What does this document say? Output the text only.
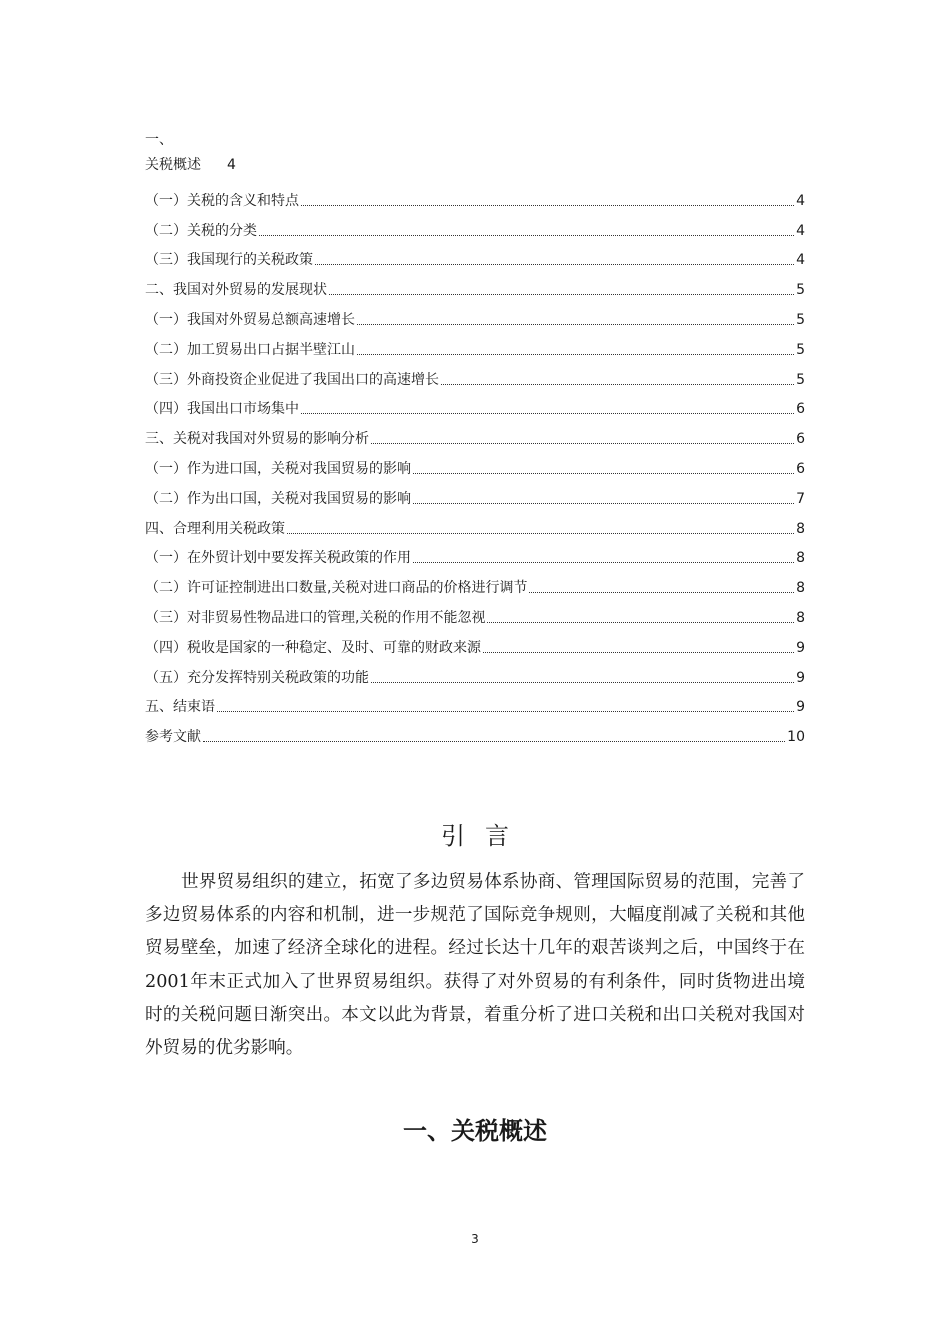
一、
关税概述 4
（一）关税的含义和特点	4
（二）关税的分类	4
（三）我国现行的关税政策	4
二、我国对外贸易的发展现状	5
（一）我国对外贸易总额高速增长	5
（二）加工贸易出口占据半壁江山	5
（三）外商投资企业促进了我国出口的高速增长	5
（四）我国出口市场集中	6
三、关税对我国对外贸易的影响分析	6
（一）作为进口国，关税对我国贸易的影响	6
（二）作为出口国，关税对我国贸易的影响	7
四、合理利用关税政策	8
（一）在外贸计划中要发挥关税政策的作用	8
（二）许可证控制进出口数量,关税对进口商品的价格进行调节	8
（三）对非贸易性物品进口的管理,关税的作用不能忽视	8
（四）税收是国家的一种稳定、及时、可靠的财政来源	9
（五）充分发挥特别关税政策的功能	9
五、结束语	9
参考文献	10
引言
世界贸易组织的建立，拓宽了多边贸易体系协商、管理国际贸易的范围，完善了多边贸易体系的内容和机制，进一步规范了国际竞争规则，大幅度削减了关税和其他贸易壁垒，加速了经济全球化的进程。经过长达十几年的艰苦谈判之后，中国终于在2001年末正式加入了世界贸易组织。获得了对外贸易的有利条件，同时货物进出境时的关税问题日渐突出。本文以此为背景，着重分析了进口关税和出口关税对我国对外贸易的优劣影响。
一、关税概述
3
